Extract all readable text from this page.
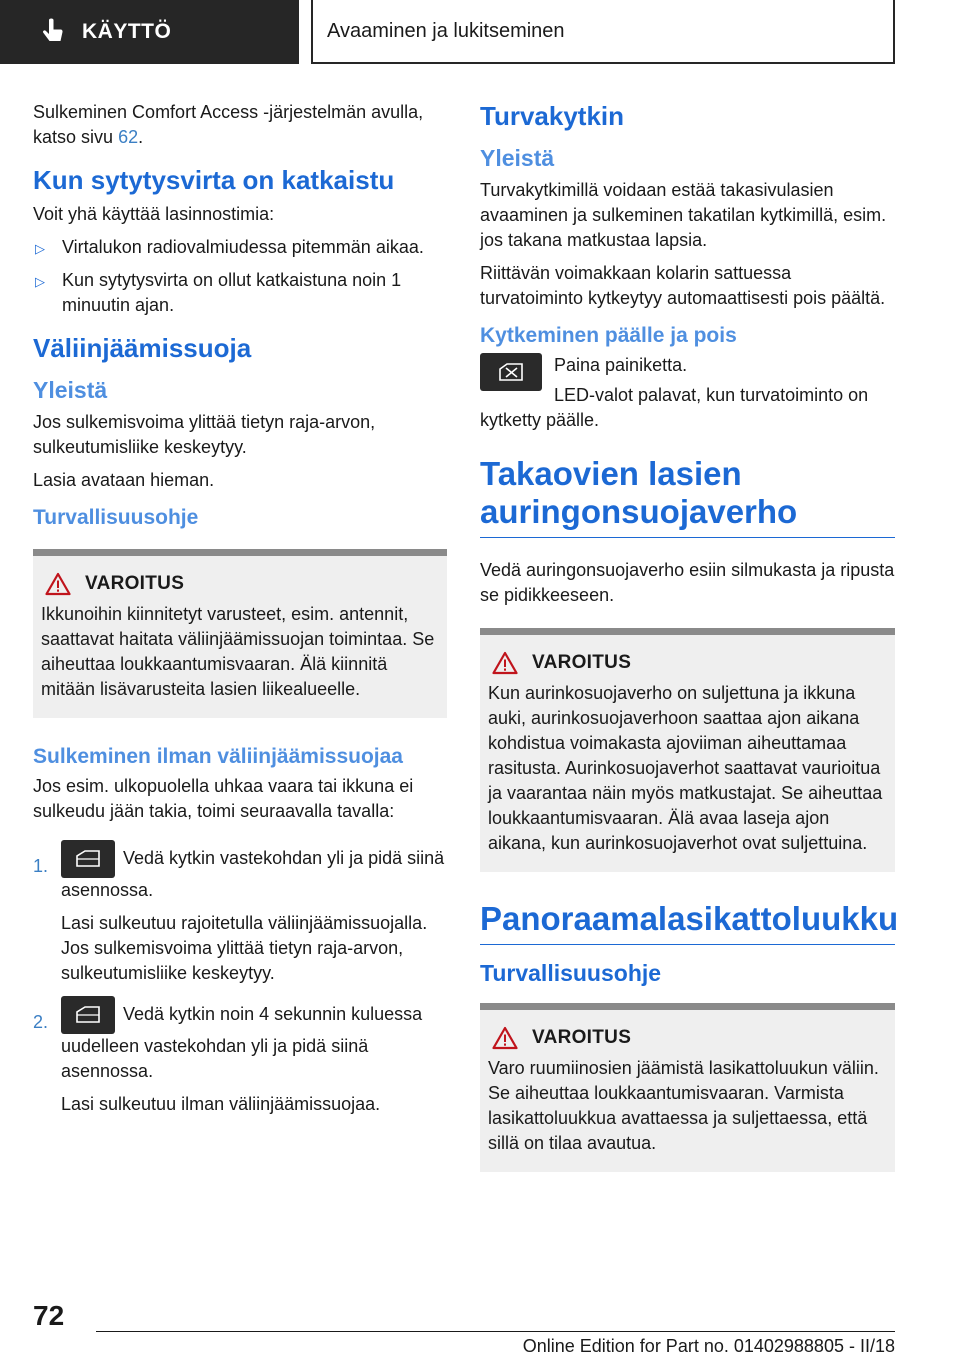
KÄYTTÖ	Avaaminen ja lukitseminen

Sulkeminen Comfort Access -järjestelmän avulla, katso sivu 62.

Kun sytytysvirta on katkaistu

Voit yhä käyttää lasinnostimia:

▷ Virtalukon radiovalmiudessa pitemmän aikaa.
▷ Kun sytytysvirta on ollut katkaistuna noin 1 minuutin ajan.
Väliinjäämissuoja
Yleistä

Jos sulkemisvoima ylittää tietyn raja-arvon, sulkeutumisliike keskeytyy.

Lasia avataan hieman.

Turvallisuusohje
VAROITUS

Ikkunoihin kiinnitetyt varusteet, esim. antennit, saattavat haitata väliinjäämissuojan toimintaa. Se aiheuttaa loukkaantumisvaaran. Älä kiinnitä mitään lisävarusteita lasien liikealueelle.

Sulkeminen ilman väliinjäämissuojaa

Jos esim. ulkopuolella uhkaa vaara tai ikkuna ei sulkeudu jään takia, toimi seuraavalla tavalla:

1.	Vedä kytkin vastekohdan yli ja pidä siinä asennossa.

Lasi sulkeutuu rajoitetulla väliinjäämissuojalla. Jos sulkemisvoima ylittää tietyn raja-arvon, sulkeutumisliike keskeytyy.

2.	Vedä kytkin noin 4 sekunnin kuluessa uudelleen vastekohdan yli ja pidä siinä asennossa.

Lasi sulkeutuu ilman väliinjäämissuojaa.

Turvakytkin
Yleistä

Turvakytkimillä voidaan estää takasivulasien avaaminen ja sulkeminen takatilan kytkimillä, esim. jos takana matkustaa lapsia.

Riittävän voimakkaan kolarin sattuessa turvatoiminto kytkeytyy automaattisesti pois päältä.

Kytkeminen päälle ja pois

Paina painiketta.

LED-valot palavat, kun turvatoiminto on kytketty päälle.

Takaovien lasien auringonsuojaverho

Vedä auringonsuojaverho esiin silmukasta ja ripusta se pidikkeeseen.

VAROITUS

Kun aurinkosuojaverho on suljettuna ja ikkuna auki, aurinkosuojaverhoon saattaa ajon aikana kohdistua voimakasta ajoviiman aiheuttamaa rasitusta. Aurinkosuojaverhot saattavat vaurioitua ja vaarantaa näin myös matkustajat. Se aiheuttaa loukkaantumisvaaran. Älä avaa laseja ajon aikana, kun aurinkosuojaverhot ovat suljettuina.

Panoraamalasikattoluukku
Turvallisuusohje
VAROITUS

Varo ruumiinosien jäämistä lasikattoluukun väliin. Se aiheuttaa loukkaantumisvaaran. Varmista lasikattoluukkua avattaessa ja suljettaessa, että sillä on tilaa avautua.

72
Online Edition for Part no. 01402988805 - II/18
